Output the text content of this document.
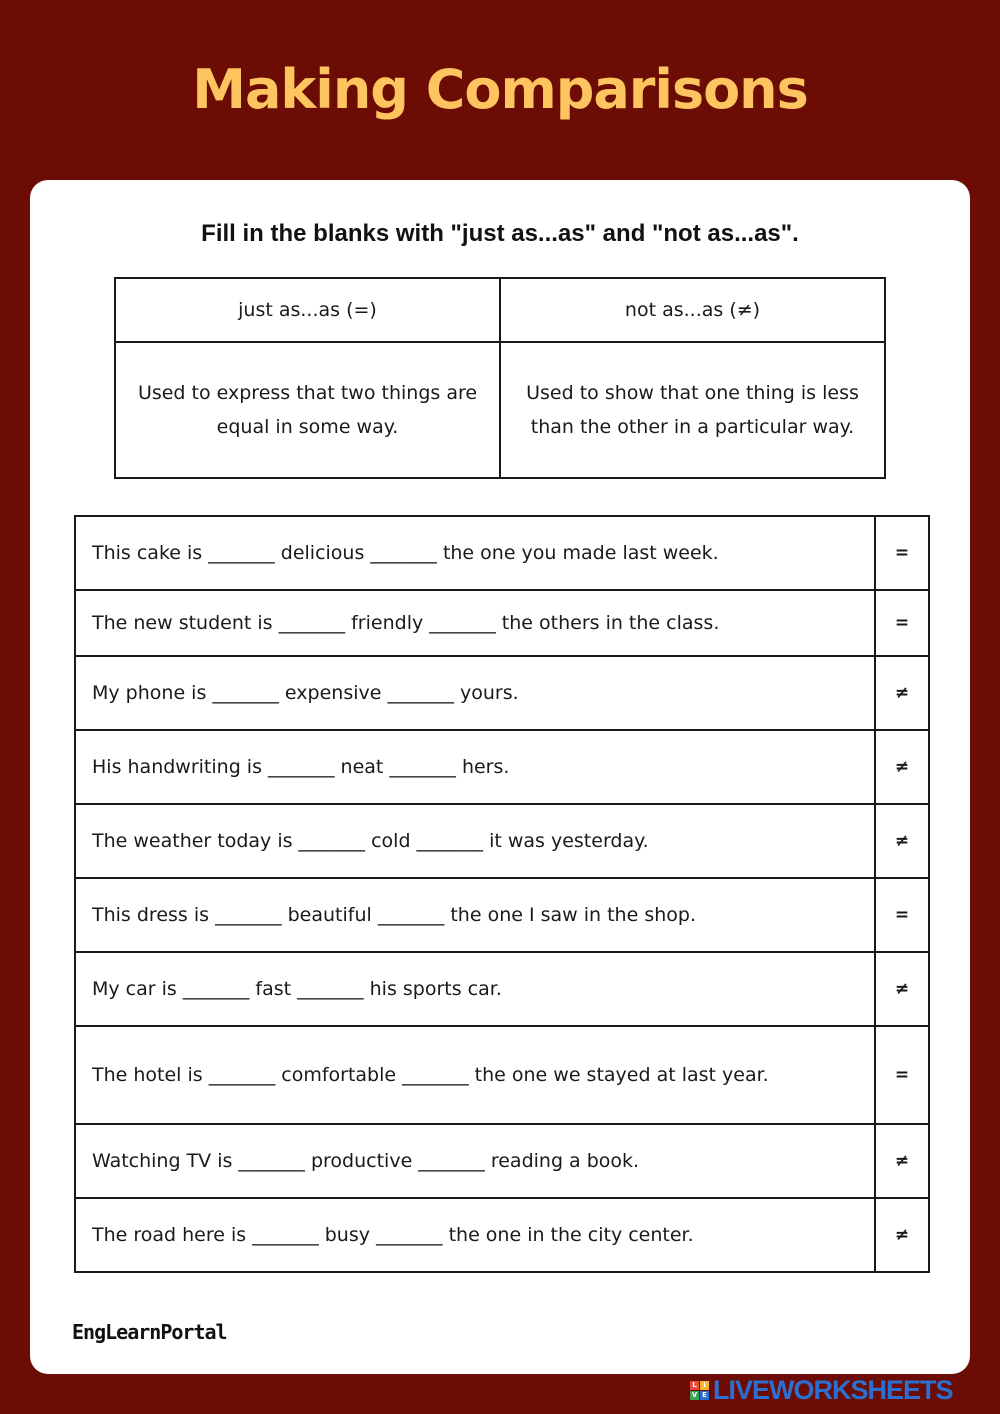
Making Comparisons
Fill in the blanks with "just as...as" and "not as...as".
just as...as (=)	not as...as (≠)
Used to express that two things are equal in some way.	Used to show that one thing is less than the other in a particular way.
This cake is _______ delicious _______ the one you made last week.	=
The new student is _______ friendly _______ the others in the class.	=
My phone is _______ expensive _______ yours.	≠
His handwriting is _______ neat _______ hers.	≠
The weather today is _______ cold _______ it was yesterday.	≠
This dress is _______ beautiful _______ the one I saw in the shop.	=
My car is _______ fast _______ his sports car.	≠
The hotel is _______ comfortable _______ the one we stayed at last year.	=
Watching TV is _______ productive _______ reading a book.	≠
The road here is _______ busy _______ the one in the city center.	≠
EngLearnPortal
L I
V E LIVEWORKSHEETS
